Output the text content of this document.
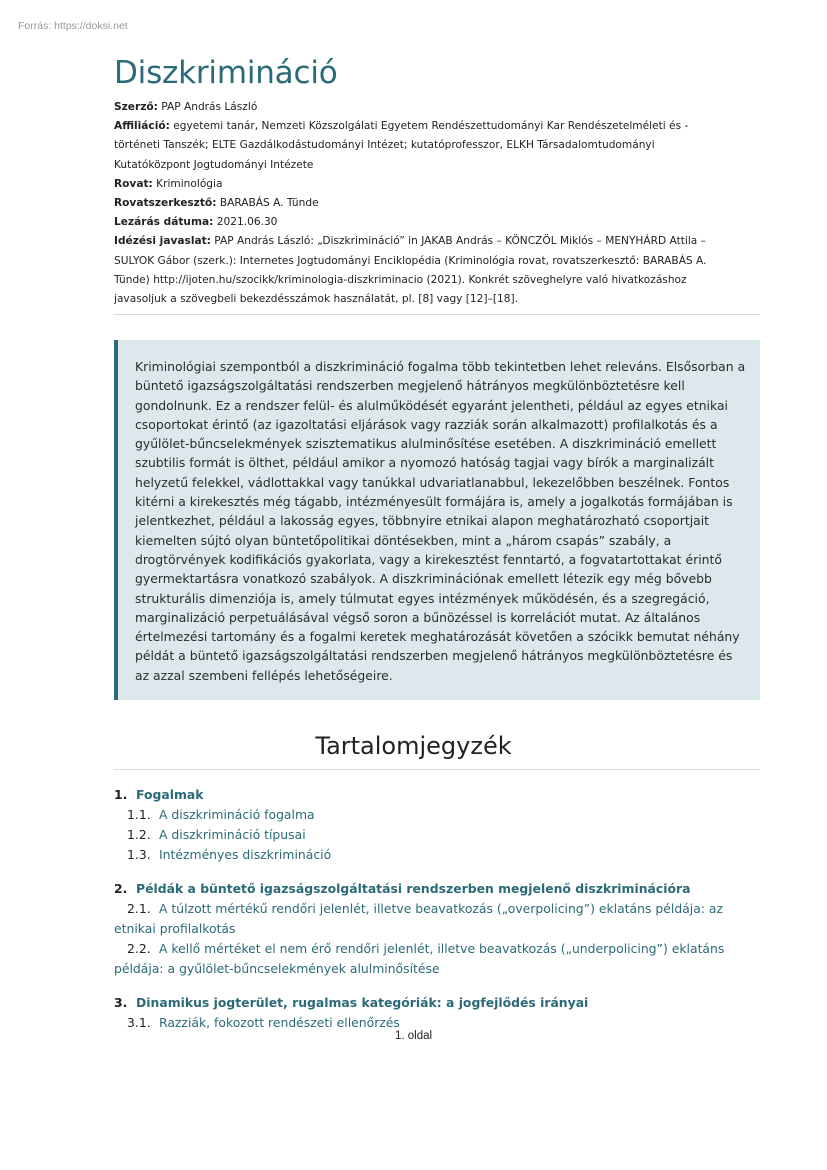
Forrás: https://doksi.net
Diszkrimináció
Szerző: PAP András László
Affiliáció: egyetemi tanár, Nemzeti Közszolgálati Egyetem Rendészettudományi Kar Rendészetelméleti és -történeti Tanszék; ELTE Gazdálkodástudományi Intézet; kutatóprofesszor, ELKH Társadalomtudományi Kutatóközpont Jogtudományi Intézete
Rovat: Kriminológia
Rovatszerkesztő: BARABÁS A. Tünde
Lezárás dátuma: 2021.06.30
Idézési javaslat: PAP András László: „Diszkrimináció” in JAKAB András – KÖNCZÖL Miklós – MENYHÁRD Attila – SULYOK Gábor (szerk.): Internetes Jogtudományi Enciklopédia (Kriminológia rovat, rovatszerkesztő: BARABÁS A. Tünde) http://ijoten.hu/szocikk/kriminologia-diszkriminacio (2021). Konkrét szöveghelyre való hivatkozáshoz javasoljuk a szövegbeli bekezdésszámok használatát, pl. [8] vagy [12]–[18].

Kriminológiai szempontból a diszkrimináció fogalma több tekintetben lehet releváns. Elsősorban a büntető igazságszolgáltatási rendszerben megjelenő hátrányos megkülönböztetésre kell gondolnunk. Ez a rendszer felül- és alulműködését egyaránt jelentheti, például az egyes etnikai csoportokat érintő (az igazoltatási eljárások vagy razziák során alkalmazott) profilalkotás és a gyűlölet-bűncselekmények szisztematikus alulminősítése esetében. A diszkrimináció emellett szubtilis formát is ölthet, például amikor a nyomozó hatóság tagjai vagy bírók a marginalizált helyzetű felekkel, vádlottakkal vagy tanúkkal udvariatlanabbul, lekezelőbben beszélnek. Fontos kitérni a kirekesztés még tágabb, intézményesült formájára is, amely a jogalkotás formájában is jelentkezhet, például a lakosság egyes, többnyire etnikai alapon meghatározható csoportjait kiemelten sújtó olyan büntetőpolitikai döntésekben, mint a „három csapás” szabály, a drogtörvények kodifikációs gyakorlata, vagy a kirekesztést fenntartó, a fogvatartottakat érintő gyermektartásra vonatkozó szabályok. A diszkriminációnak emellett létezik egy még bővebb strukturális dimenziója is, amely túlmutat egyes intézmények működésén, és a szegregáció, marginalizáció perpetuálásával végső soron a bűnözéssel is korrelációt mutat. Az általános értelmezési tartomány és a fogalmi keretek meghatározását követően a szócikk bemutat néhány példát a büntető igazságszolgáltatási rendszerben megjelenő hátrányos megkülönböztetésre és az azzal szembeni fellépés lehetőségeire.

Tartalomjegyzék
1. Fogalmak
1.1. A diszkrimináció fogalma
1.2. A diszkrimináció típusai
1.3. Intézményes diszkrimináció
2. Példák a büntető igazságszolgáltatási rendszerben megjelenő diszkriminációra
2.1. A túlzott mértékű rendőri jelenlét, illetve beavatkozás („overpolicing”) eklatáns példája: az etnikai profilalkotás
2.2. A kellő mértéket el nem érő rendőri jelenlét, illetve beavatkozás („underpolicing”) eklatáns példája: a gyűlölet-bűncselekmények alulminősítése
3. Dinamikus jogterület, rugalmas kategóriák: a jogfejlődés irányai
3.1. Razziák, fokozott rendészeti ellenőrzés
1. oldal
